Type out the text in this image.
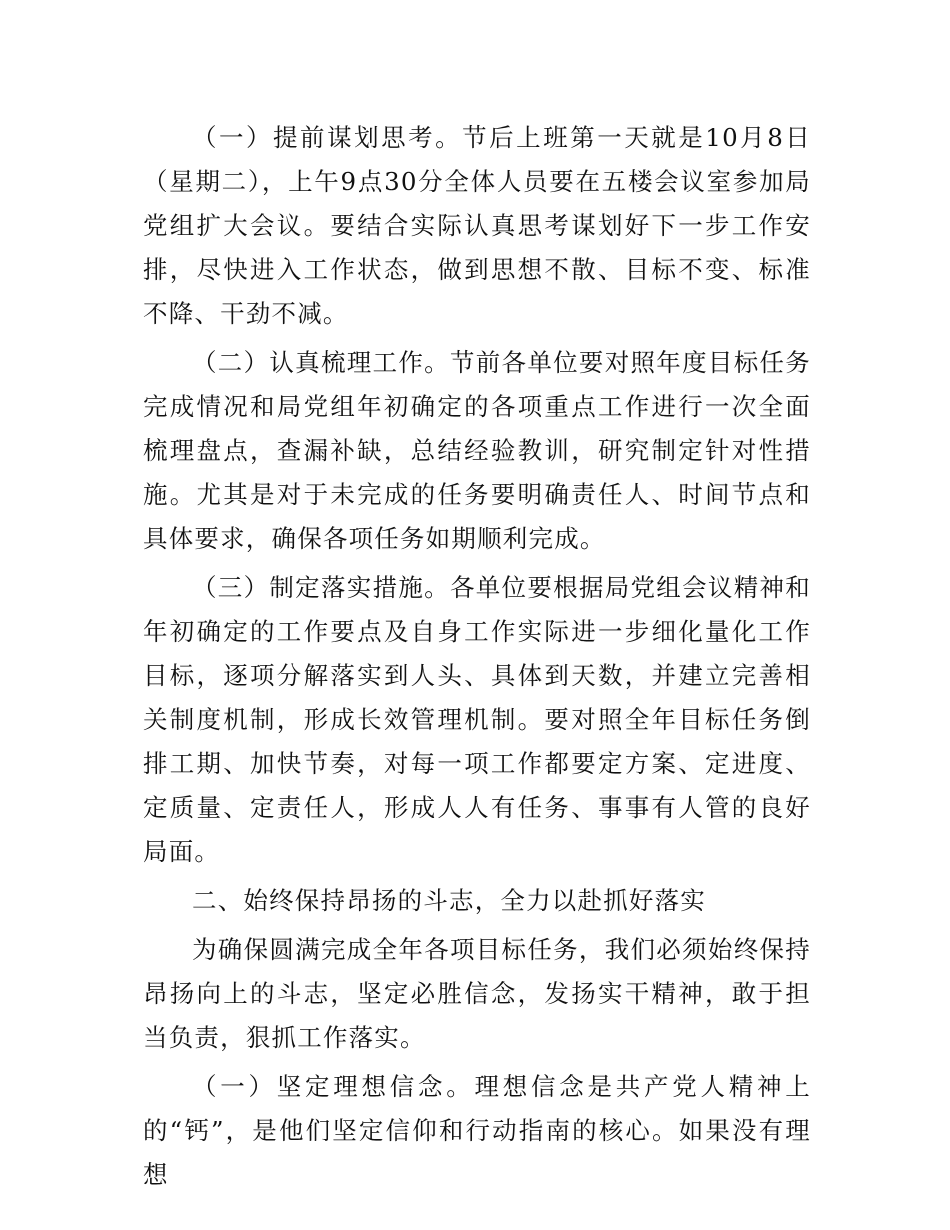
（一）提前谋划思考。节后上班第一天就是10月8日（星期二），上午9点30分全体人员要在五楼会议室参加局党组扩大会议。要结合实际认真思考谋划好下一步工作安排，尽快进入工作状态，做到思想不散、目标不变、标准不降、干劲不减。

（二）认真梳理工作。节前各单位要对照年度目标任务完成情况和局党组年初确定的各项重点工作进行一次全面梳理盘点，查漏补缺，总结经验教训，研究制定针对性措施。尤其是对于未完成的任务要明确责任人、时间节点和具体要求，确保各项任务如期顺利完成。

（三）制定落实措施。各单位要根据局党组会议精神和年初确定的工作要点及自身工作实际进一步细化量化工作目标，逐项分解落实到人头、具体到天数，并建立完善相关制度机制，形成长效管理机制。要对照全年目标任务倒排工期、加快节奏，对每一项工作都要定方案、定进度、定质量、定责任人，形成人人有任务、事事有人管的良好局面。

二、始终保持昂扬的斗志，全力以赴抓好落实

为确保圆满完成全年各项目标任务，我们必须始终保持昂扬向上的斗志，坚定必胜信念，发扬实干精神，敢于担当负责，狠抓工作落实。

（一）坚定理想信念。理想信念是共产党人精神上的“钙”，是他们坚定信仰和行动指南的核心。如果没有理想
